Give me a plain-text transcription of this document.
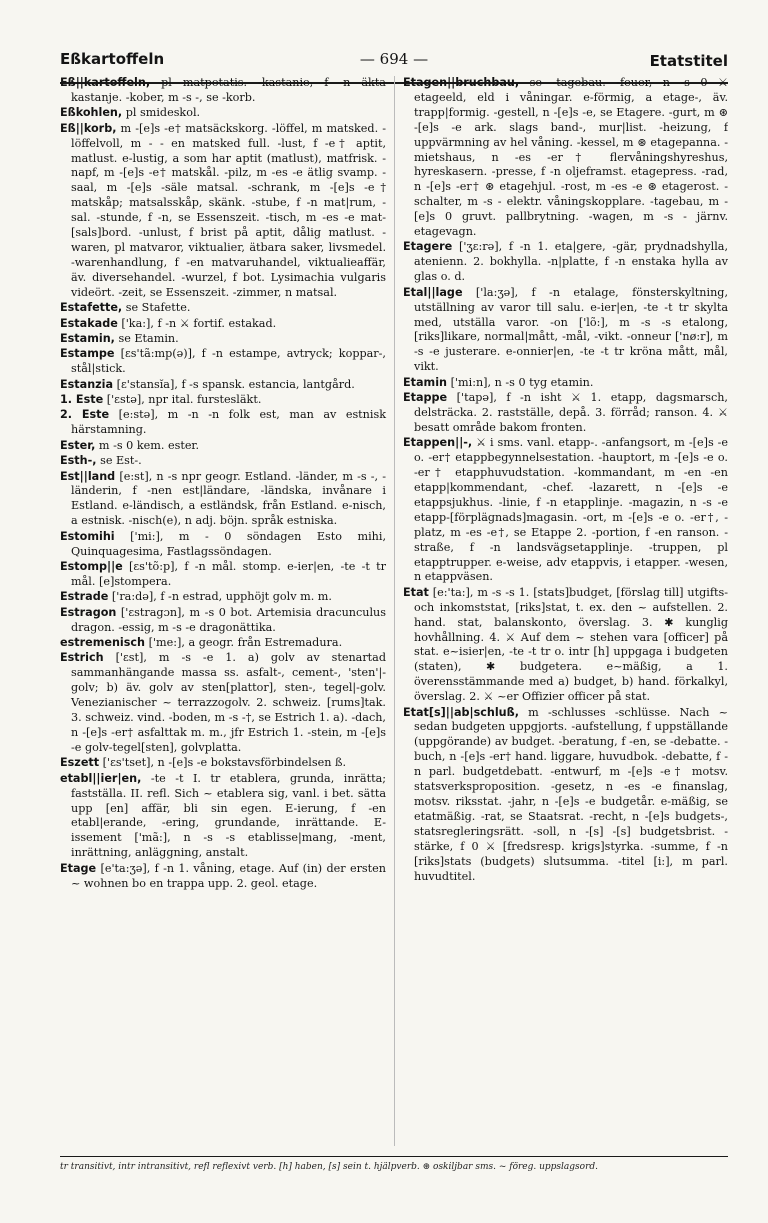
Eßkartoffeln	— 694 —	Etatstitel

Eß||kartoffeln, pl matpotatis. -kastanie, f -n äkta kastanje. -kober, m -s -, se -korb.

Eßkohlen, pl smideskol.

Eß||korb, m -[e]s -e† matsäckskorg. -löffel, m matsked. -löffelvoll, m - - en matsked full. -lust, f -e† aptit, matlust. e-lustig, a som har aptit (matlust), matfrisk. -napf, m -[e]s -e† matskål. -pilz, m -es -e ätlig svamp. -saal, m -[e]s -säle matsal. -schrank, m -[e]s -e† matskåp; matsalsskåp, skänk. -stube, f -n mat|rum, -sal. -stunde, f -n, se Essenszeit. -tisch, m -es -e mat-[sals]bord. -unlust, f brist på aptit, dålig matlust. -waren, pl matvaror, viktualier, ätbara saker, livsmedel. -warenhandlung, f -en matvaruhandel, viktualieaffär, äv. diversehandel. -wurzel, f bot. Lysimachia vulgaris videört. -zeit, se Essenszeit. -zimmer, n matsal.

Estafette, se Stafette.

Estakade ['ka:], f -n ⚔ fortif. estakad.

Estamin, se Etamin.

Estampe [ɛs'tã:mp(ə)], f -n estampe, avtryck; koppar-, stål|stick.

Estanzia [ɛ'stansĭa], f -s spansk. estancia, lantgård.

1. Este ['ɛstə], npr ital. furstesläkt.

2. Este [e:stə], m -n -n folk est, man av estnisk härstamning.

Ester, m -s 0 kem. ester.

Esth-, se Est-.

Est||land [e:st], n -s npr geogr. Estland. -länder, m -s -, -länderin, f -nen est|ländare, -ländska, invånare i Estland. e-ländisch, a estländsk, från Estland. e-nisch, a estnisk. -nisch(e), n adj. böjn. språk estniska.

Estomihi ['mi:], m - 0 söndagen Esto mihi, Quinquagesima, Fastlagssöndagen.

Estomp||e [ɛs'tõ:p], f -n mål. stomp. e-ier|en, -te -t tr mål. [e]stompera.

Estrade ['ra:də], f -n estrad, upphöjt golv m. m.

Estragon ['ɛstragɔn], m -s 0 bot. Artemisia dracunculus dragon. -essig, m -s -e dragonättika.

estremenisch ['me:], a geogr. från Estremadura.

Estrich ['ɛst], m -s -e 1. a) golv av stenartad sammanhängande massa ss. asfalt-, cement-, 'sten'|-golv; b) äv. golv av sten[plattor], sten-, tegel|-golv. Venezianischer ~ terrazzogolv. 2. schweiz. [rums]tak. 3. schweiz. vind. -boden, m -s -†, se Estrich 1. a). -dach, n -[e]s -er† asfalttak m. m., jfr Estrich 1. -stein, m -[e]s -e golv-tegel[sten], golvplatta.

Eszett ['ɛs'tset], n -[e]s -e bokstavsförbindelsen ß.

etabl||ier|en, -te -t I. tr etablera, grunda, inrätta; fastställa. II. refl. Sich ~ etablera sig, vanl. i bet. sätta upp [en] affär, bli sin egen. E-ierung, f -en etabl|erande, -ering, grundande, inrättande. E-issement ['mã:], n -s -s etablisse|mang, -ment, inrättning, anläggning, anstalt.

Etage [e'ta:ʒə], f -n 1. våning, etage. Auf (in) der ersten ~ wohnen bo en trappa upp. 2. geol. etage.

Etagen||bruchbau, se -tagebau. -feuer, n -s 0 ⚔ etageeld, eld i våningar. e-förmig, a etage-, äv. trapp|formig. -gestell, n -[e]s -e, se Etagere. -gurt, m ⊛ -[e]s -e ark. slags band-, mur|list. -heizung, f uppvärmning av hel våning. -kessel, m ⊛ etagepanna. -mietshaus, n -es -er† flervåningshyreshus, hyreskasern. -presse, f -n oljeframst. etagepress. -rad, n -[e]s -er† ⊛ etagehjul. -rost, m -es -e ⊛ etagerost. -schalter, m -s - elektr. våningskopplare. -tagebau, m -[e]s 0 gruvt. pallbrytning. -wagen, m -s - järnv. etagevagn.

Etagere ['ʒɛ:rə], f -n 1. eta|gere, -gär, prydnadshylla, atenienn. 2. bokhylla. -n|platte, f -n enstaka hylla av glas o. d.

Etal||lage ['la:ʒə], f -n etalage, fönsterskyltning, utställning av varor till salu. e-ier|en, -te -t tr skylta med, utställa varor. -on ['lõ:], m -s -s etalong, [riks]likare, normal|mått, -mål, -vikt. -onneur ['nø:r], m -s -e justerare. e-onnier|en, -te -t tr kröna mått, mål, vikt.

Etamin ['mi:n], n -s 0 tyg etamin.

Etappe ['tapə], f -n isht ⚔ 1. etapp, dagsmarsch, delsträcka. 2. rastställe, depå. 3. förråd; ranson. 4. ⚔ besatt område bakom fronten.

Etappen||-, ⚔ i sms. vanl. etapp-. -anfangsort, m -[e]s -e o. -er† etappbegynnelsestation. -hauptort, m -[e]s -e o. -er† etapphuvudstation. -kommandant, m -en -en etapp|kommendant, -chef. -lazarett, n -[e]s -e etappsjukhus. -linie, f -n etapplinje. -magazin, n -s -e etapp-[förplägnads]magasin. -ort, m -[e]s -e o. -er†, -platz, m -es -e†, se Etappe 2. -portion, f -en ranson. -straße, f -n landsvägsetapplinje. -truppen, pl etapptrupper. e-weise, adv etappvis, i etapper. -wesen, n etappväsen.

Etat [e:'ta:], m -s -s 1. [stats]budget, [förslag till] utgifts- och inkomststat, [riks]stat, t. ex. den ~ aufstellen. 2. hand. stat, balanskonto, överslag. 3. ✱ kunglig hovhållning. 4. ⚔ Auf dem ~ stehen vara [officer] på stat. e~isier|en, -te -t tr o. intr [h] uppgaga i budgeten (staten), ✱ budgetera. e~mäßig, a 1. överensstämmande med a) budget, b) hand. förkalkyl, överslag. 2. ⚔ ~er Offizier officer på stat.

Etat[s]||ab|schluß, m -schlusses -schlüsse. Nach ~ sedan budgeten uppgjorts. -aufstellung, f uppställande (uppgörande) av budget. -beratung, f -en, se -debatte. -buch, n -[e]s -er† hand. liggare, huvudbok. -debatte, f -n parl. budgetdebatt. -entwurf, m -[e]s -e† motsv. statsverksproposition. -gesetz, n -es -e finanslag, motsv. riksstat. -jahr, n -[e]s -e budgetår. e-mäßig, se etatmäßig. -rat, se Staatsrat. -recht, n -[e]s budgets-, statsregleringsrätt. -soll, n -[s] -[s] budgetsbrist. -stärke, f 0 ⚔ [fredsresp. krigs]styrka. -summe, f -n [riks]stats (budgets) slutsumma. -titel [i:], m parl. huvudtitel.

tr transitivt, intr intransitivt, refl reflexivt verb. [h] haben, [s] sein t. hjälpverb. ⊛ oskiljbar sms. ~ föreg. uppslagsord.
